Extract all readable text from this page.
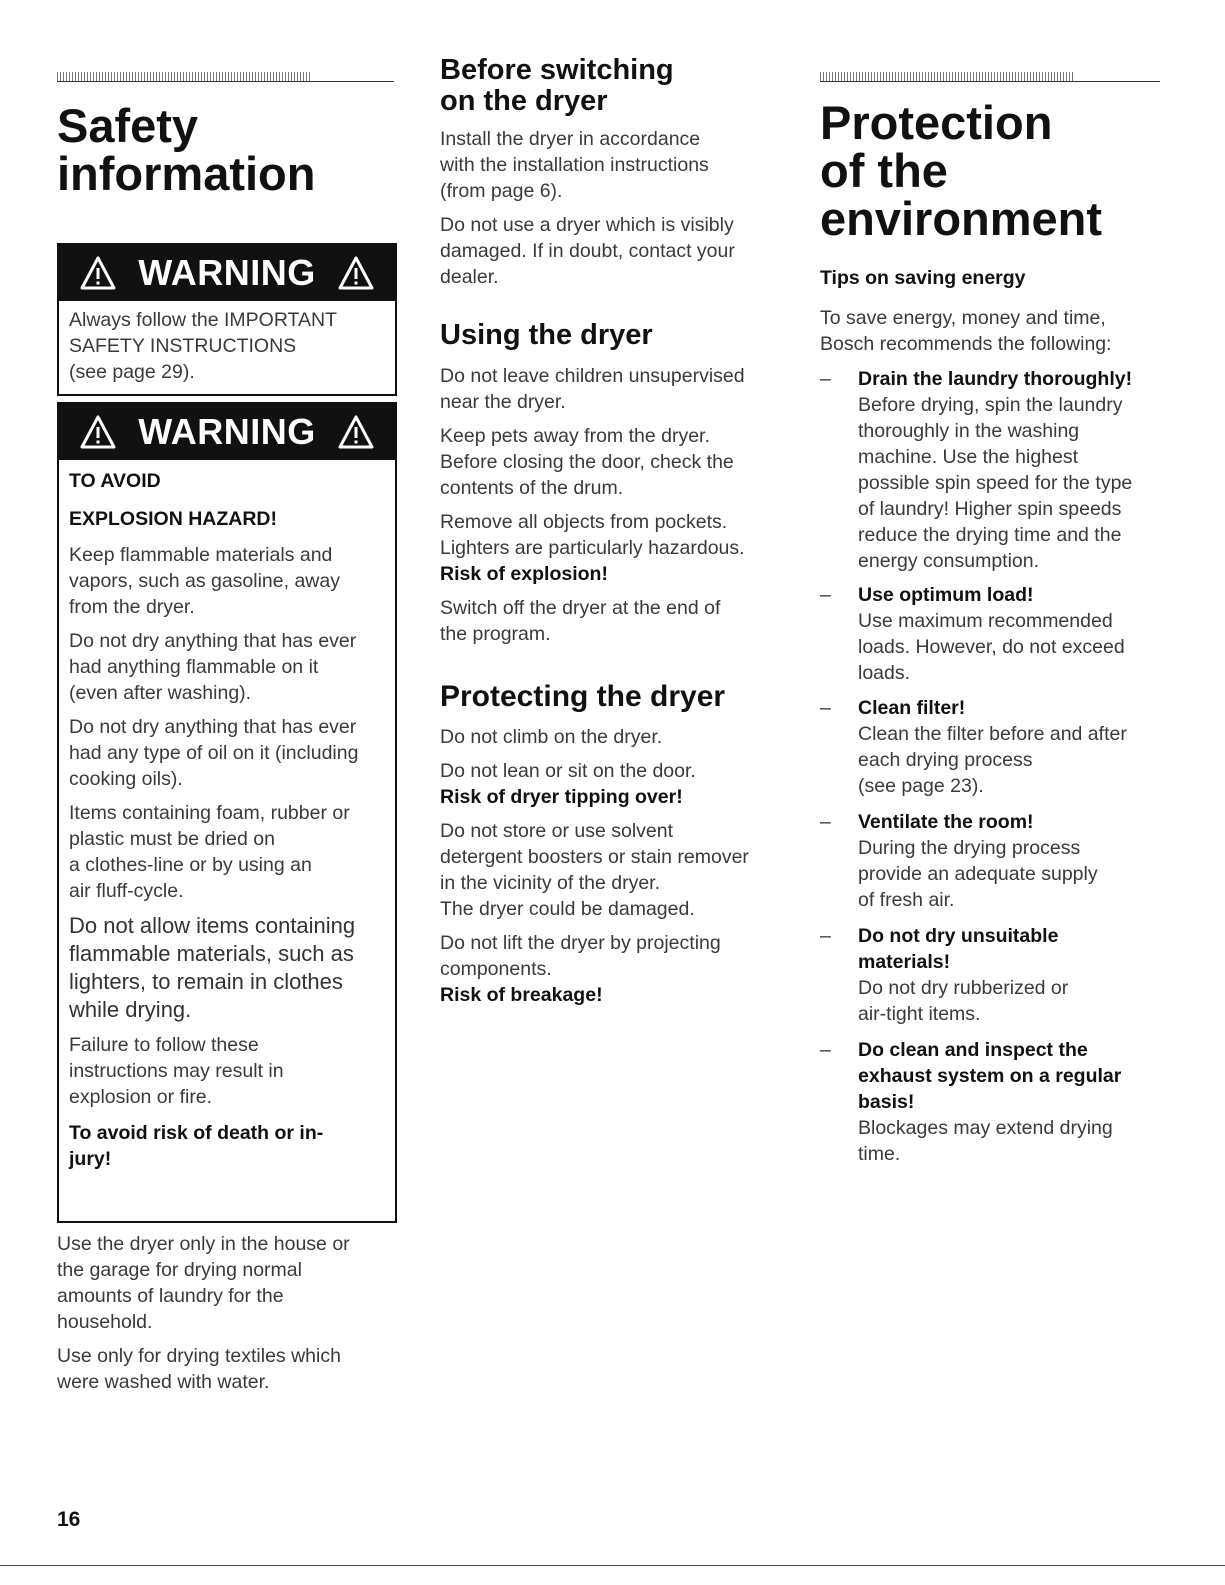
Safety
information
WARNING

Always follow the IMPORTANT
SAFETY INSTRUCTIONS
(see page 29).

WARNING

TO AVOID

EXPLOSION HAZARD!

Keep flammable materials and
vapors, such as gasoline, away
from the dryer.

Do not dry anything that has ever
had anything flammable on it
(even after washing).

Do not dry anything that has ever
had any type of oil on it (including
cooking oils).

Items containing foam, rubber or
plastic must be dried on
a clothes-line or by using an
air fluff-cycle.

Do not allow items containing
flammable materials, such as
lighters, to remain in clothes
while drying.

Failure to follow these
instructions may result in
explosion or fire.

To avoid risk of death or in-
jury!

Use the dryer only in the house or
the garage for drying normal
amounts of laundry for the
household.

Use only for drying textiles which
were washed with water.

Before switching
on the dryer

Install the dryer in accordance
with the installation instructions
(from page 6).

Do not use a dryer which is visibly
damaged. If in doubt, contact your
dealer.

Using the dryer

Do not leave children unsupervised
near the dryer.

Keep pets away from the dryer.
Before closing the door, check the
contents of the drum.

Remove all objects from pockets.
Lighters are particularly hazardous.

Risk of explosion!

Switch off the dryer at the end of
the program.

Protecting the dryer

Do not climb on the dryer.

Do not lean or sit on the door.

Risk of dryer tipping over!

Do not store or use solvent
detergent boosters or stain remover
in the vicinity of the dryer.
The dryer could be damaged.

Do not lift the dryer by projecting
components.

Risk of breakage!

Protection
of the
environment

Tips on saving energy

To save energy, money and time,
Bosch recommends the following:

–	Drain the laundry thoroughly!

Before drying, spin the laundry
thoroughly in the washing
machine. Use the highest
possible spin speed for the type
of laundry! Higher spin speeds
reduce the drying time and the
energy consumption.

–	Use optimum load!

Use maximum recommended
loads. However, do not exceed
loads.

–	Clean filter!

Clean the filter before and after
each drying process
(see page 23).

–	Ventilate the room!

During the drying process
provide an adequate supply
of fresh air.

–	Do not dry unsuitable
materials!

Do not dry rubberized or
air-tight items.

–	Do clean and inspect the
exhaust system on a regular
basis!

Blockages may extend drying
time.

16
